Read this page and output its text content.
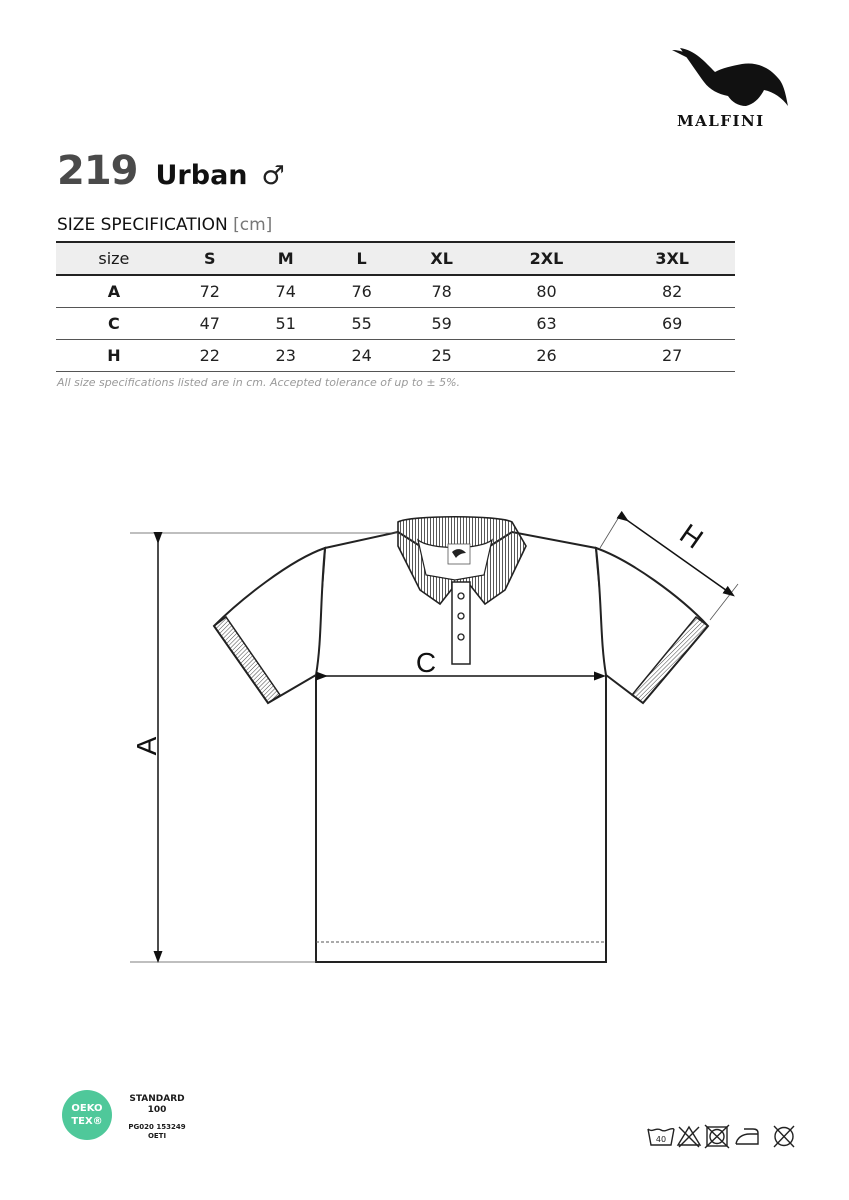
MALFINI
219 Urban ♂
SIZE SPECIFICATION [cm]
size	S	M	L	XL	2XL	3XL
A	72	74	76	78	80	82
C	47	51	55	59	63	69
H	22	23	24	25	26	27
All size specifications listed are in cm. Accepted tolerance of up to ± 5%.
A
C
H
OEKO
TEX®
STANDARD
100
PG020 153249
OETI	40
